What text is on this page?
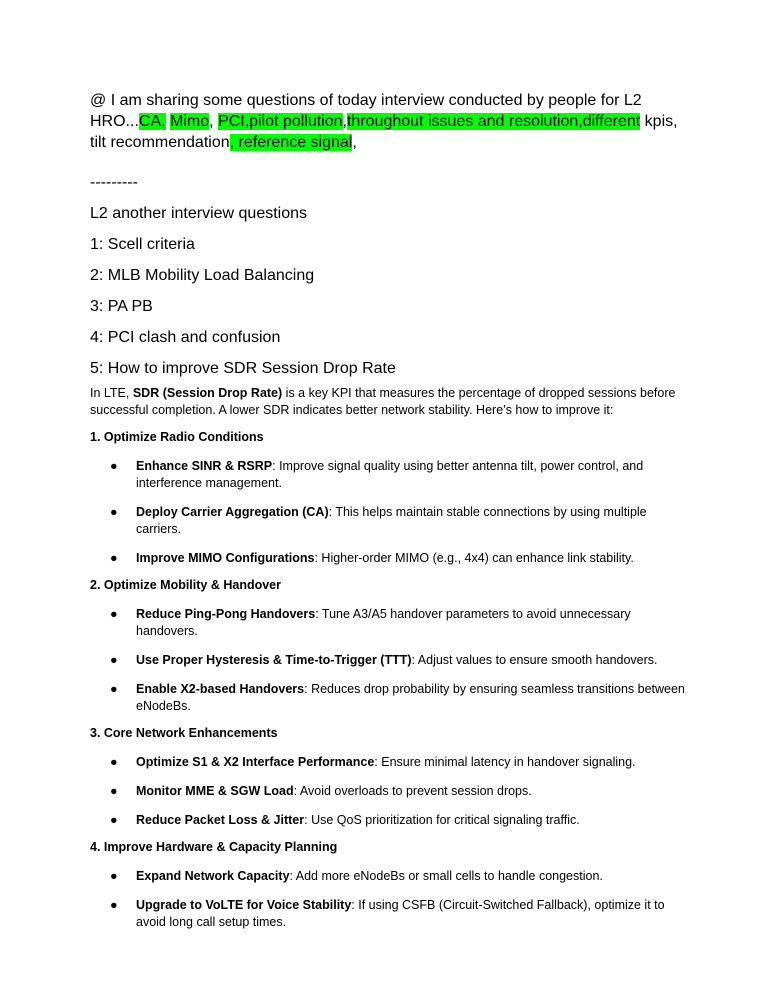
@ I am sharing some questions of today interview conducted by people for L2 HRO...CA, Mimo, PCI,pilot pollution,throughout issues and resolution,different kpis, tilt recommendation, reference signal,

---------

L2 another interview questions

1: Scell criteria

2: MLB Mobility Load Balancing

3: PA PB

4: PCI clash and confusion

5: How to improve SDR Session Drop Rate

In LTE, SDR (Session Drop Rate) is a key KPI that measures the percentage of dropped sessions before successful completion. A lower SDR indicates better network stability. Here’s how to improve it:

1. Optimize Radio Conditions

● Enhance SINR & RSRP: Improve signal quality using better antenna tilt, power control, and interference management.
● Deploy Carrier Aggregation (CA): This helps maintain stable connections by using multiple carriers.
● Improve MIMO Configurations: Higher-order MIMO (e.g., 4x4) can enhance link stability.

2. Optimize Mobility & Handover

● Reduce Ping-Pong Handovers: Tune A3/A5 handover parameters to avoid unnecessary handovers.
● Use Proper Hysteresis & Time-to-Trigger (TTT): Adjust values to ensure smooth handovers.
● Enable X2-based Handovers: Reduces drop probability by ensuring seamless transitions between eNodeBs.

3. Core Network Enhancements

● Optimize S1 & X2 Interface Performance: Ensure minimal latency in handover signaling.
● Monitor MME & SGW Load: Avoid overloads to prevent session drops.
● Reduce Packet Loss & Jitter: Use QoS prioritization for critical signaling traffic.

4. Improve Hardware & Capacity Planning

● Expand Network Capacity: Add more eNodeBs or small cells to handle congestion.
● Upgrade to VoLTE for Voice Stability: If using CSFB (Circuit-Switched Fallback), optimize it to avoid long call setup times.
